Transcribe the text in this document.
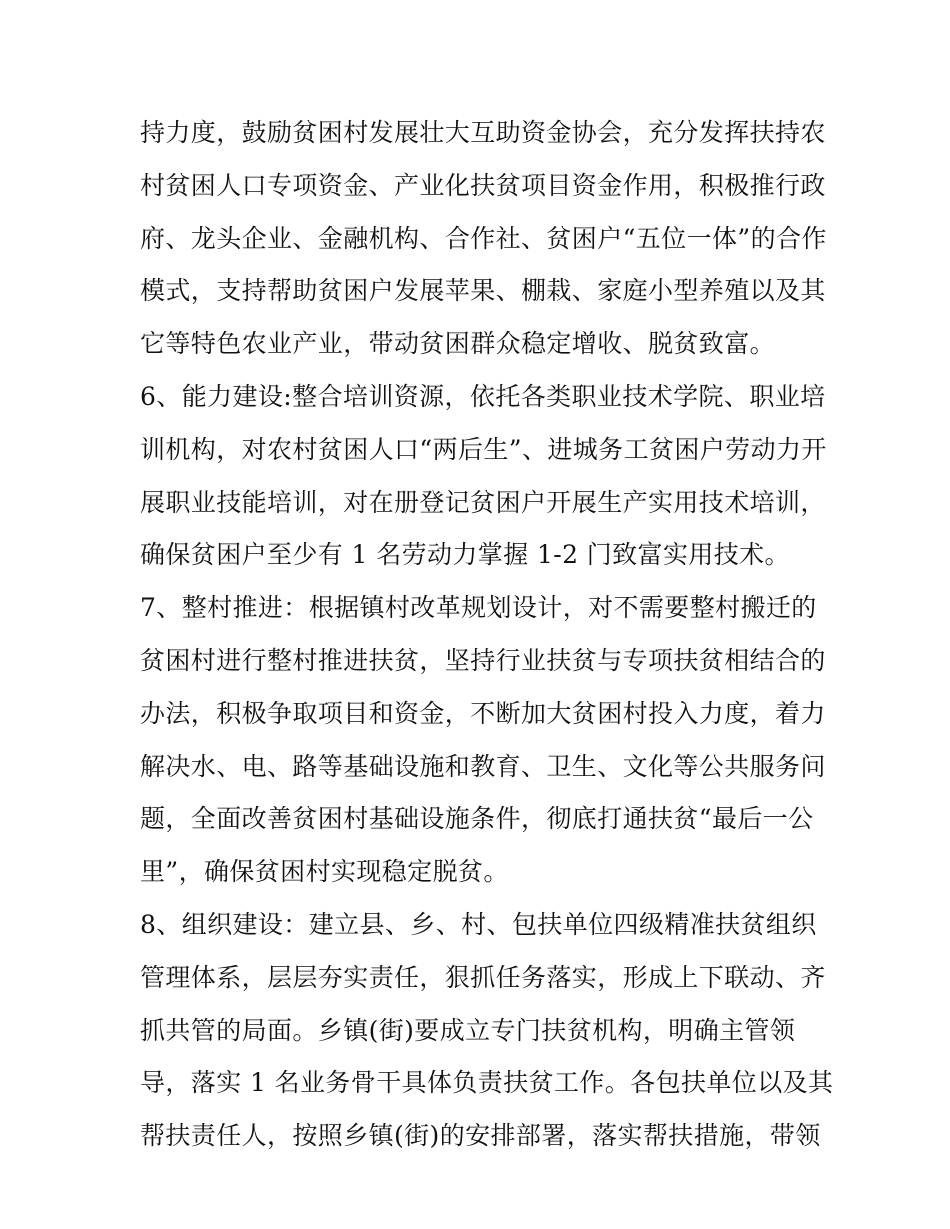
持力度，鼓励贫困村发展壮大互助资金协会，充分发挥扶持农
村贫困人口专项资金、产业化扶贫项目资金作用，积极推行政
府、龙头企业、金融机构、合作社、贫困户“五位一体”的合作
模式，支持帮助贫困户发展苹果、棚栽、家庭小型养殖以及其
它等特色农业产业，带动贫困群众稳定增收、脱贫致富。
6、能力建设:整合培训资源，依托各类职业技术学院、职业培
训机构，对农村贫困人口“两后生”、进城务工贫困户劳动力开
展职业技能培训，对在册登记贫困户开展生产实用技术培训，
确保贫困户至少有 1 名劳动力掌握 1-2 门致富实用技术。
7、整村推进：根据镇村改革规划设计，对不需要整村搬迁的
贫困村进行整村推进扶贫，坚持行业扶贫与专项扶贫相结合的
办法，积极争取项目和资金，不断加大贫困村投入力度，着力
解决水、电、路等基础设施和教育、卫生、文化等公共服务问
题，全面改善贫困村基础设施条件，彻底打通扶贫“最后一公
里”，确保贫困村实现稳定脱贫。
8、组织建设：建立县、乡、村、包扶单位四级精准扶贫组织
管理体系，层层夯实责任，狠抓任务落实，形成上下联动、齐
抓共管的局面。乡镇(街)要成立专门扶贫机构，明确主管领
导，落实 1 名业务骨干具体负责扶贫工作。各包扶单位以及其
帮扶责任人，按照乡镇(街)的安排部署，落实帮扶措施，带领
